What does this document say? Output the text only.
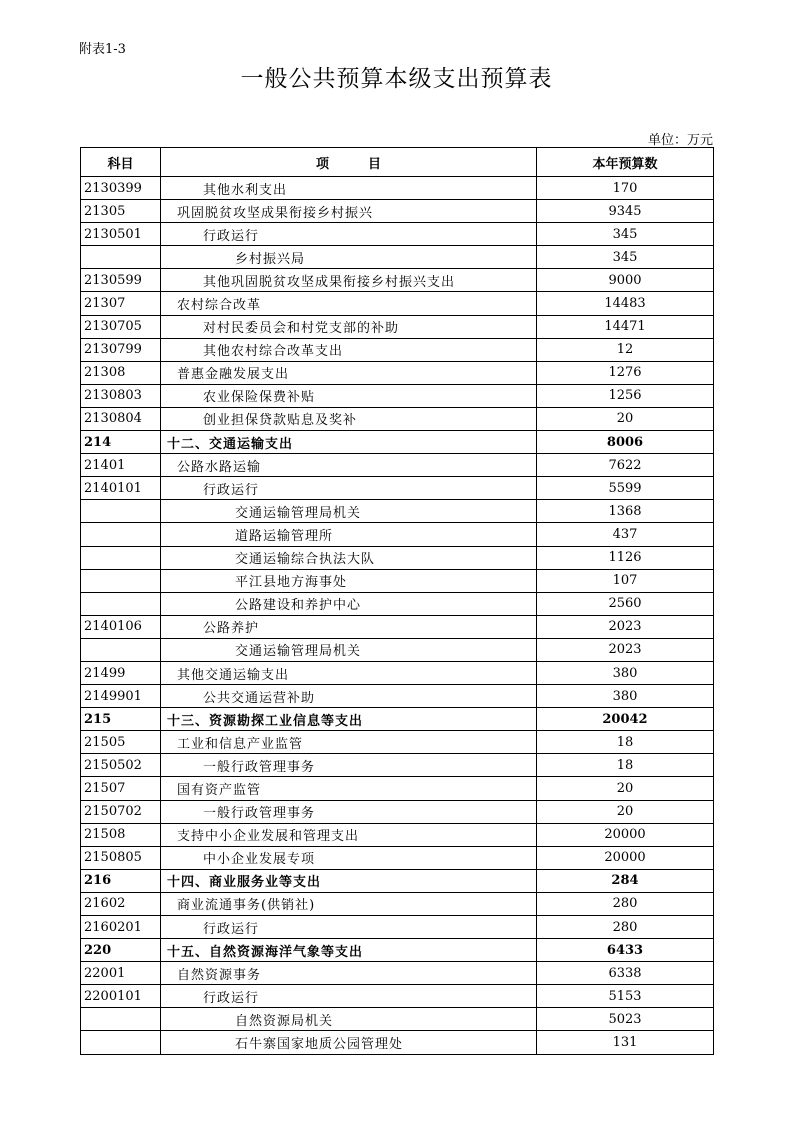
附表1-3
一般公共预算本级支出预算表
单位：万元
科目	项　　　目	本年预算数
2130399	其他水利支出	170
21305	巩固脱贫攻坚成果衔接乡村振兴	9345
2130501	行政运行	345
	乡村振兴局	345
2130599	其他巩固脱贫攻坚成果衔接乡村振兴支出	9000
21307	农村综合改革	14483
2130705	对村民委员会和村党支部的补助	14471
2130799	其他农村综合改革支出	12
21308	普惠金融发展支出	1276
2130803	农业保险保费补贴	1256
2130804	创业担保贷款贴息及奖补	20
214	十二、交通运输支出	8006
21401	公路水路运输	7622
2140101	行政运行	5599
	交通运输管理局机关	1368
	道路运输管理所	437
	交通运输综合执法大队	1126
	平江县地方海事处	107
	公路建设和养护中心	2560
2140106	公路养护	2023
	交通运输管理局机关	2023
21499	其他交通运输支出	380
2149901	公共交通运营补助	380
215	十三、资源勘探工业信息等支出	20042
21505	工业和信息产业监管	18
2150502	一般行政管理事务	18
21507	国有资产监管	20
2150702	一般行政管理事务	20
21508	支持中小企业发展和管理支出	20000
2150805	中小企业发展专项	20000
216	十四、商业服务业等支出	284
21602	商业流通事务(供销社)	280
2160201	行政运行	280
220	十五、自然资源海洋气象等支出	6433
22001	自然资源事务	6338
2200101	行政运行	5153
	自然资源局机关	5023
	石牛寨国家地质公园管理处	131
